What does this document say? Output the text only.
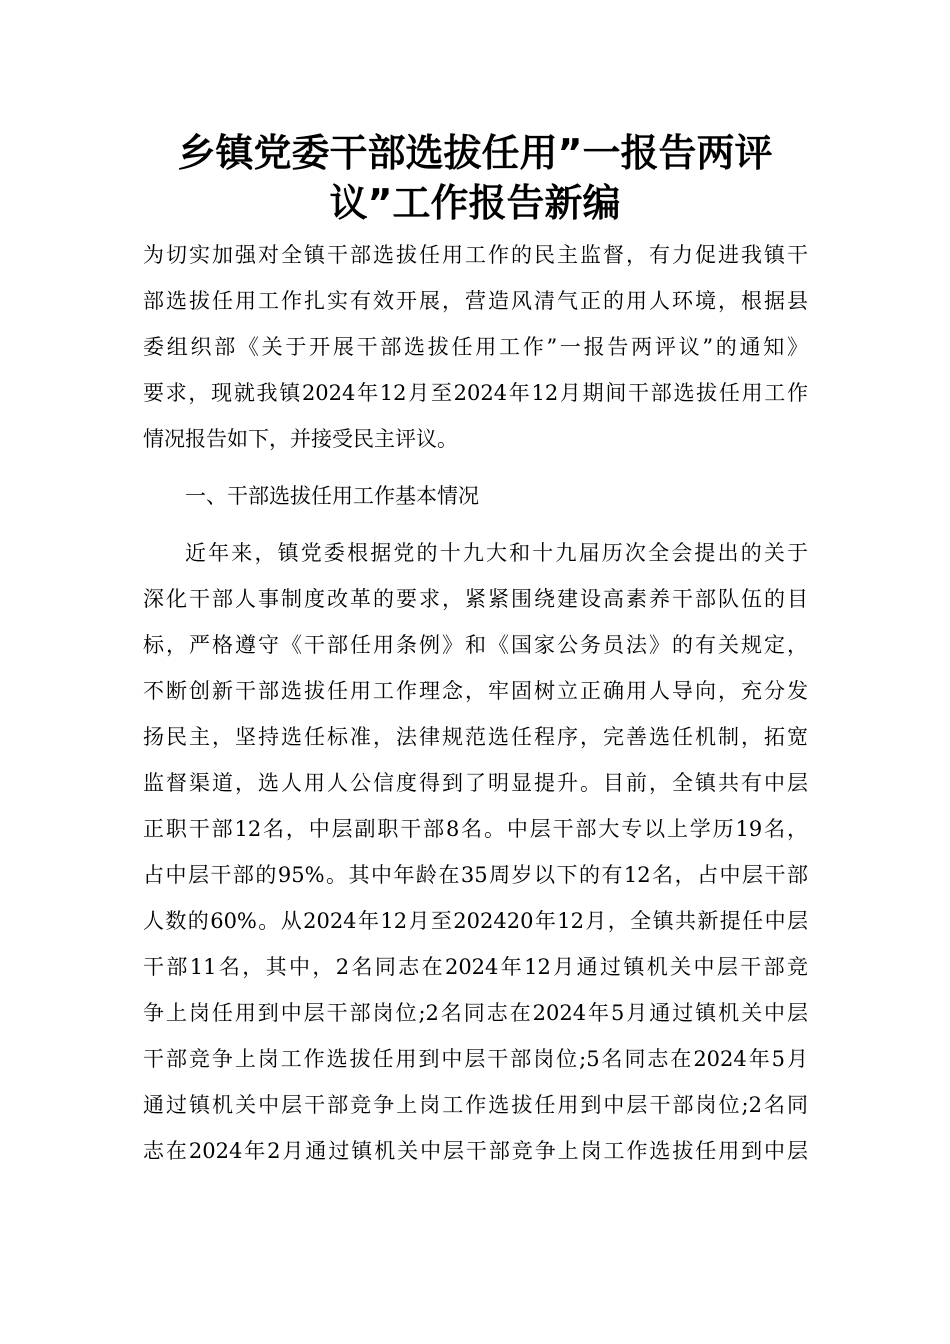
乡镇党委干部选拔任用”一报告两评
议”工作报告新编
为切实加强对全镇干部选拔任用工作的民主监督，有力促进我镇干
部选拔任用工作扎实有效开展，营造风清气正的用人环境，根据县
委组织部《关于开展干部选拔任用工作”一报告两评议”的通知》
要求，现就我镇2024年12月至2024年12月期间干部选拔任用工作
情况报告如下，并接受民主评议。
一、干部选拔任用工作基本情况
近年来，镇党委根据党的十九大和十九届历次全会提出的关于
深化干部人事制度改革的要求，紧紧围绕建设高素养干部队伍的目
标，严格遵守《干部任用条例》和《国家公务员法》的有关规定，
不断创新干部选拔任用工作理念，牢固树立正确用人导向，充分发
扬民主，坚持选任标准，法律规范选任程序，完善选任机制，拓宽
监督渠道，选人用人公信度得到了明显提升。目前，全镇共有中层
正职干部12名，中层副职干部8名。中层干部大专以上学历19名，
占中层干部的95%。其中年龄在35周岁以下的有12名，占中层干部
人数的60%。从2024年12月至202420年12月，全镇共新提任中层
干部11名，其中，2名同志在2024年12月通过镇机关中层干部竞
争上岗任用到中层干部岗位;2名同志在2024年5月通过镇机关中层
干部竞争上岗工作选拔任用到中层干部岗位;5名同志在2024年5月
通过镇机关中层干部竞争上岗工作选拔任用到中层干部岗位;2名同
志在2024年2月通过镇机关中层干部竞争上岗工作选拔任用到中层
